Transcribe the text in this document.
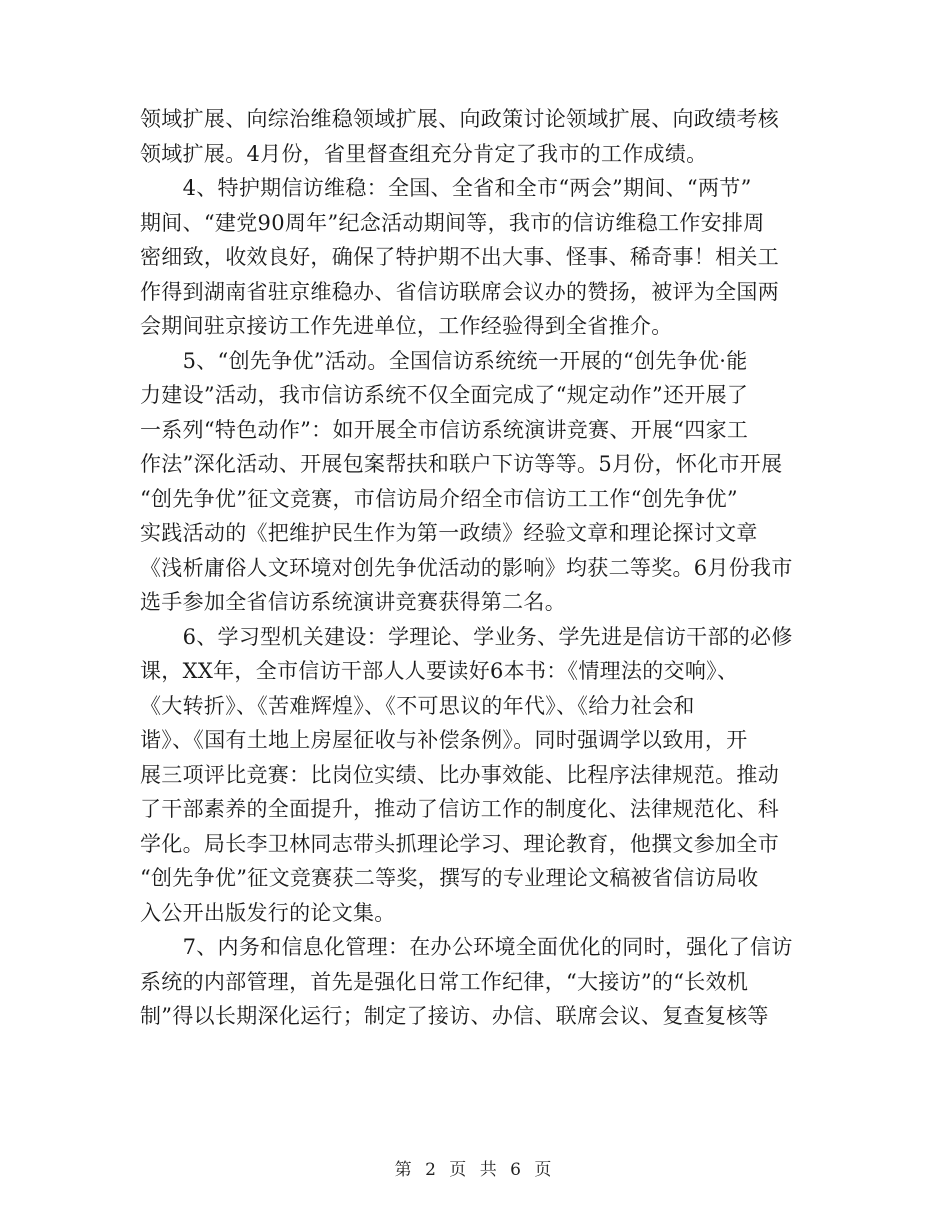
领域扩展、向综治维稳领域扩展、向政策讨论领域扩展、向政绩考核
领域扩展。4月份，省里督查组充分肯定了我市的工作成绩。

　　4、特护期信访维稳：全国、全省和全市“两会”期间、“两节”
期间、“建党90周年”纪念活动期间等，我市的信访维稳工作安排周
密细致，收效良好，确保了特护期不出大事、怪事、稀奇事！相关工
作得到湖南省驻京维稳办、省信访联席会议办的赞扬，被评为全国两
会期间驻京接访工作先进单位，工作经验得到全省推介。

　　5、“创先争优”活动。全国信访系统统一开展的“创先争优·能
力建设”活动，我市信访系统不仅全面完成了“规定动作”还开展了
一系列“特色动作”：如开展全市信访系统演讲竞赛、开展“四家工
作法”深化活动、开展包案帮扶和联户下访等等。5月份，怀化市开展
“创先争优”征文竞赛，市信访局介绍全市信访工工作“创先争优”
实践活动的《把维护民生作为第一政绩》经验文章和理论探讨文章
《浅析庸俗人文环境对创先争优活动的影响》均获二等奖。6月份我市
选手参加全省信访系统演讲竞赛获得第二名。

　　6、学习型机关建设：学理论、学业务、学先进是信访干部的必修
课，XX年，全市信访干部人人要读好6本书：《情理法的交响》、
《大转折》、《苦难辉煌》、《不可思议的年代》、《给力社会和
谐》、《国有土地上房屋征收与补偿条例》。同时强调学以致用，开
展三项评比竞赛：比岗位实绩、比办事效能、比程序法律规范。推动
了干部素养的全面提升，推动了信访工作的制度化、法律规范化、科
学化。局长李卫林同志带头抓理论学习、理论教育，他撰文参加全市
“创先争优”征文竞赛获二等奖，撰写的专业理论文稿被省信访局收
入公开出版发行的论文集。

　　7、内务和信息化管理：在办公环境全面优化的同时，强化了信访
系统的内部管理，首先是强化日常工作纪律，“大接访”的“长效机
制”得以长期深化运行；制定了接访、办信、联席会议、复查复核等

第 2 页 共 6 页
